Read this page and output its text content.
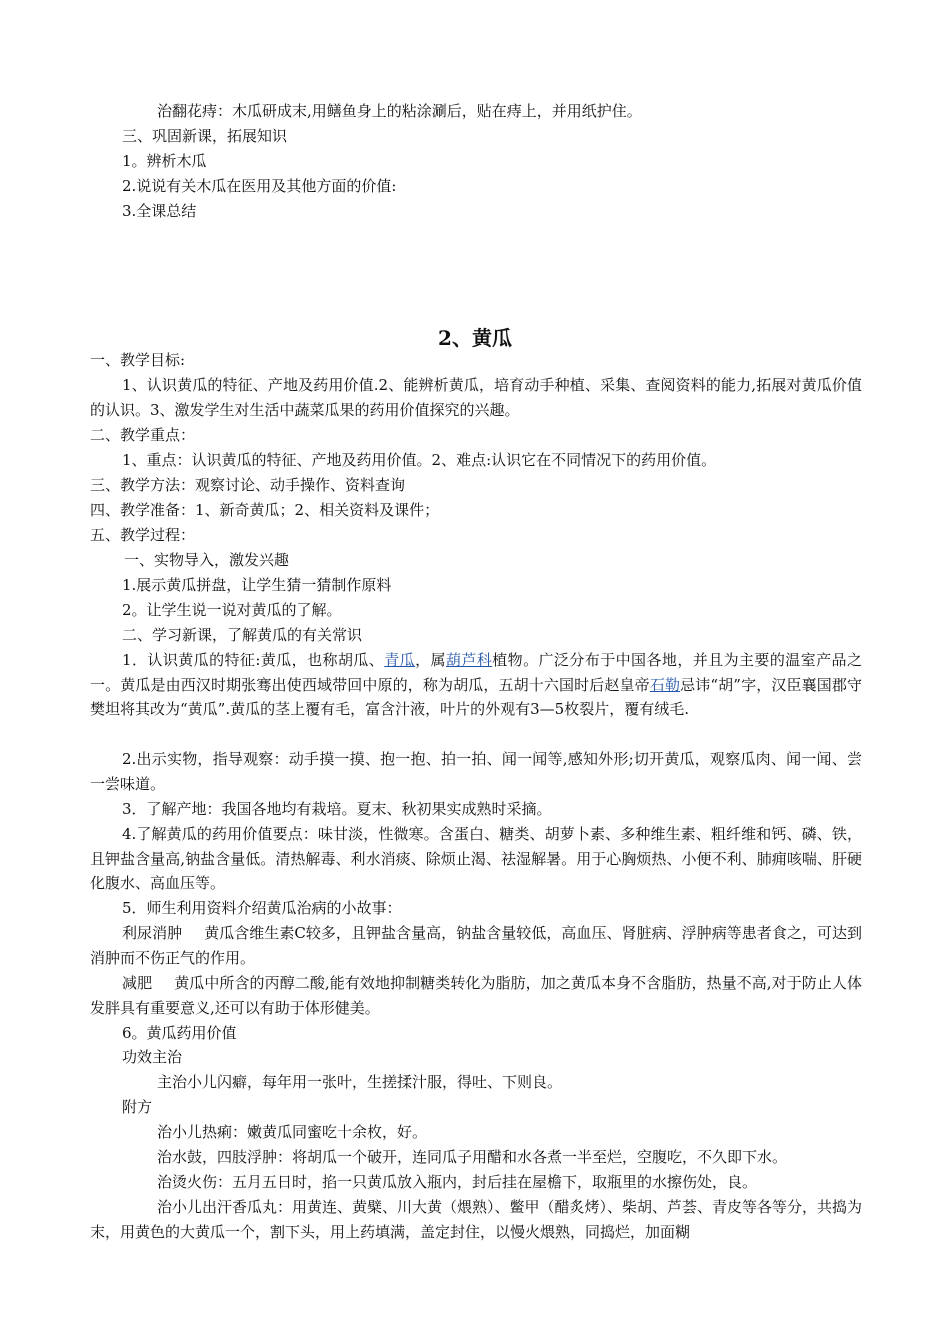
治翻花痔：木瓜研成末,用鳝鱼身上的粘涂涮后，贴在痔上，并用纸护住。
三、巩固新课，拓展知识
1。辨析木瓜
2.说说有关木瓜在医用及其他方面的价值:
3.全课总结
2、黄瓜
一、教学目标:
1、认识黄瓜的特征、产地及药用价值.2、能辨析黄瓜，培育动手种植、采集、查阅资料的能力,拓展对黄瓜价值的认识。3、激发学生对生活中蔬菜瓜果的药用价值探究的兴趣。
二、教学重点：
1、重点：认识黄瓜的特征、产地及药用价值。2、难点:认识它在不同情况下的药用价值。
三、教学方法：观察讨论、动手操作、资料查询
四、教学准备：1、新奇黄瓜；2、相关资料及课件；
五、教学过程：
一、实物导入，激发兴趣
1.展示黄瓜拼盘，让学生猜一猜制作原料
2。让学生说一说对黄瓜的了解。
二、学习新课，了解黄瓜的有关常识
1．认识黄瓜的特征:黄瓜，也称胡瓜、青瓜，属葫芦科植物。广泛分布于中国各地，并且为主要的温室产品之一。黄瓜是由西汉时期张骞出使西域带回中原的，称为胡瓜，五胡十六国时后赵皇帝石勒忌讳“胡”字，汉臣襄国郡守樊坦将其改为“黄瓜”.黄瓜的茎上覆有毛，富含汁液，叶片的外观有3—5枚裂片，覆有绒毛.
2.出示实物，指导观察：动手摸一摸、抱一抱、拍一拍、闻一闻等,感知外形;切开黄瓜，观察瓜肉、闻一闻、尝一尝味道。
3．了解产地：我国各地均有栽培。夏末、秋初果实成熟时采摘。
4.了解黄瓜的药用价值要点：味甘淡，性微寒。含蛋白、糖类、胡萝卜素、多种维生素、粗纤维和钙、磷、铁，且钾盐含量高,钠盐含量低。清热解毒、利水消痰、除烦止渴、祛湿解暑。用于心胸烦热、小便不利、肺痈咳喘、肝硬化腹水、高血压等。
5．师生利用资料介绍黄瓜治病的小故事：
利尿消肿 黄瓜含维生素C较多，且钾盐含量高，钠盐含量较低，高血压、肾脏病、浮肿病等患者食之，可达到消肿而不伤正气的作用。
减肥 黄瓜中所含的丙醇二酸,能有效地抑制糖类转化为脂肪，加之黄瓜本身不含脂肪，热量不高,对于防止人体发胖具有重要意义,还可以有助于体形健美。
6。黄瓜药用价值
功效主治
主治小儿闪癖，每年用一张叶，生搓揉汁服，得吐、下则良。
附方
治小儿热痢：嫩黄瓜同蜜吃十余枚，好。
治水鼓，四肢浮肿：将胡瓜一个破开，连同瓜子用醋和水各煮一半至烂，空腹吃，不久即下水。
治烫火伤：五月五日时，掐一只黄瓜放入瓶内，封后挂在屋檐下，取瓶里的水擦伤处，良。
治小儿出汗香瓜丸：用黄连、黄檗、川大黄（煨熟）、鳖甲（醋炙烤）、柴胡、芦荟、青皮等各等分，共捣为末，用黄色的大黄瓜一个，割下头，用上药填满，盖定封住，以慢火煨熟，同捣烂，加面糊
